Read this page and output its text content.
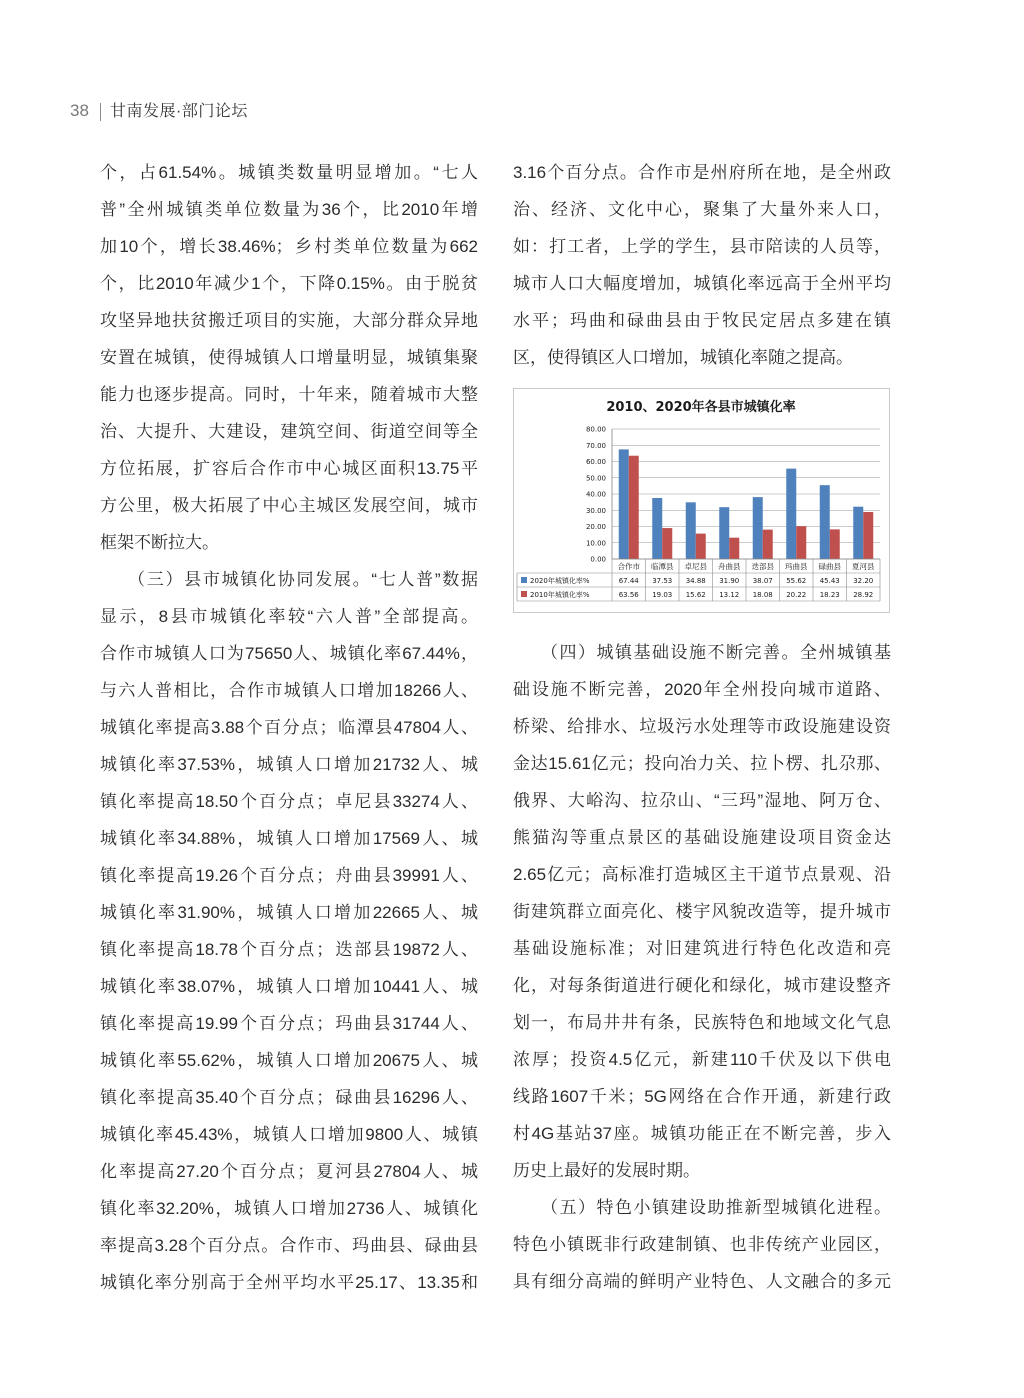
38 甘南发展·部门论坛
个，占61.54%。城镇类数量明显增加。“七人
普”全州城镇类单位数量为36个，比2010年增
加10个，增长38.46%；乡村类单位数量为662
个，比2010年减少1个，下降0.15%。由于脱贫
攻坚异地扶贫搬迁项目的实施，大部分群众异地
安置在城镇，使得城镇人口增量明显，城镇集聚
能力也逐步提高。同时，十年来，随着城市大整
治、大提升、大建设，建筑空间、街道空间等全
方位拓展，扩容后合作市中心城区面积13.75平
方公里，极大拓展了中心主城区发展空间，城市
框架不断拉大。
（三）县市城镇化协同发展。“七人普”数据
显示，8县市城镇化率较“六人普”全部提高。
合作市城镇人口为75650人、城镇化率67.44%，
与六人普相比，合作市城镇人口增加18266人、
城镇化率提高3.88个百分点；临潭县47804人、
城镇化率37.53%，城镇人口增加21732人、城
镇化率提高18.50个百分点；卓尼县33274人、
城镇化率34.88%，城镇人口增加17569人、城
镇化率提高19.26个百分点；舟曲县39991人、
城镇化率31.90%，城镇人口增加22665人、城
镇化率提高18.78个百分点；迭部县19872人、
城镇化率38.07%，城镇人口增加10441人、城
镇化率提高19.99个百分点；玛曲县31744人、
城镇化率55.62%，城镇人口增加20675人、城
镇化率提高35.40个百分点；碌曲县16296人、
城镇化率45.43%，城镇人口增加9800人、城镇
化率提高27.20个百分点；夏河县27804人、城
镇化率32.20%，城镇人口增加2736人、城镇化
率提高3.28个百分点。合作市、玛曲县、碌曲县
城镇化率分别高于全州平均水平25.17、13.35和
3.16个百分点。合作市是州府所在地，是全州政
治、经济、文化中心，聚集了大量外来人口，
如：打工者，上学的学生，县市陪读的人员等，
城市人口大幅度增加，城镇化率远高于全州平均
水平；玛曲和碌曲县由于牧民定居点多建在镇
区，使得镇区人口增加，城镇化率随之提高。
2010、2020年各县市城镇化率
0.00
10.00
20.00
30.00
40.00
50.00
60.00
70.00
80.00
合作市 临潭县 卓尼县 舟曲县 迭部县 玛曲县 碌曲县 夏河县
2020年城镇化率%	67.44 37.53 34.88 31.90 38.07 55.62 45.43 32.20
2010年城镇化率%	63.56 19.03 15.62 13.12 18.08 20.22 18.23 28.92
（四）城镇基础设施不断完善。全州城镇基
础设施不断完善，2020年全州投向城市道路、
桥梁、给排水、垃圾污水处理等市政设施建设资
金达15.61亿元；投向冶力关、拉卜楞、扎尕那、
俄界、大峪沟、拉尕山、“三玛”湿地、阿万仓、
熊猫沟等重点景区的基础设施建设项目资金达
2.65亿元；高标准打造城区主干道节点景观、沿
街建筑群立面亮化、楼宇风貌改造等，提升城市
基础设施标准；对旧建筑进行特色化改造和亮
化，对每条街道进行硬化和绿化，城市建设整齐
划一，布局井井有条，民族特色和地域文化气息
浓厚；投资4.5亿元，新建110千伏及以下供电
线路1607千米；5G网络在合作开通，新建行政
村4G基站37座。城镇功能正在不断完善，步入
历史上最好的发展时期。
（五）特色小镇建设助推新型城镇化进程。
特色小镇既非行政建制镇、也非传统产业园区，
具有细分高端的鲜明产业特色、人文融合的多元
